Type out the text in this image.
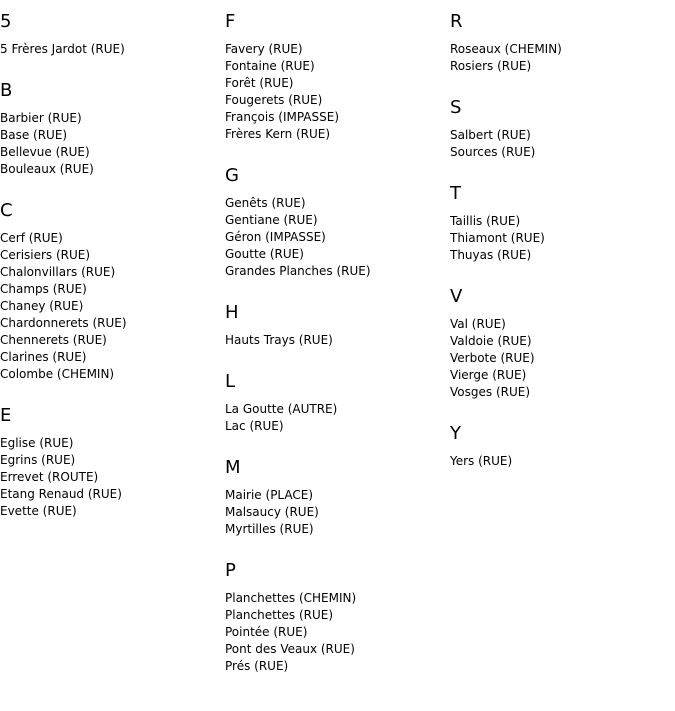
5
5 Frères Jardot (RUE)
B
Barbier (RUE)
Base (RUE)
Bellevue (RUE)
Bouleaux (RUE)
C
Cerf (RUE)
Cerisiers (RUE)
Chalonvillars (RUE)
Champs (RUE)
Chaney (RUE)
Chardonnerets (RUE)
Chennerets (RUE)
Clarines (RUE)
Colombe (CHEMIN)
E
Eglise (RUE)
Egrins (RUE)
Errevet (ROUTE)
Etang Renaud (RUE)
Evette (RUE)
F
Favery (RUE)
Fontaine (RUE)
Forêt (RUE)
Fougerets (RUE)
François (IMPASSE)
Frères Kern (RUE)
G
Genêts (RUE)
Gentiane (RUE)
Géron (IMPASSE)
Goutte (RUE)
Grandes Planches (RUE)
H
Hauts Trays (RUE)
L
La Goutte (AUTRE)
Lac (RUE)
M
Mairie (PLACE)
Malsaucy (RUE)
Myrtilles (RUE)
P
Planchettes (CHEMIN)
Planchettes (RUE)
Pointée (RUE)
Pont des Veaux (RUE)
Prés (RUE)
R
Roseaux (CHEMIN)
Rosiers (RUE)
S
Salbert (RUE)
Sources (RUE)
T
Taillis (RUE)
Thiamont (RUE)
Thuyas (RUE)
V
Val (RUE)
Valdoie (RUE)
Verbote (RUE)
Vierge (RUE)
Vosges (RUE)
Y
Yers (RUE)
